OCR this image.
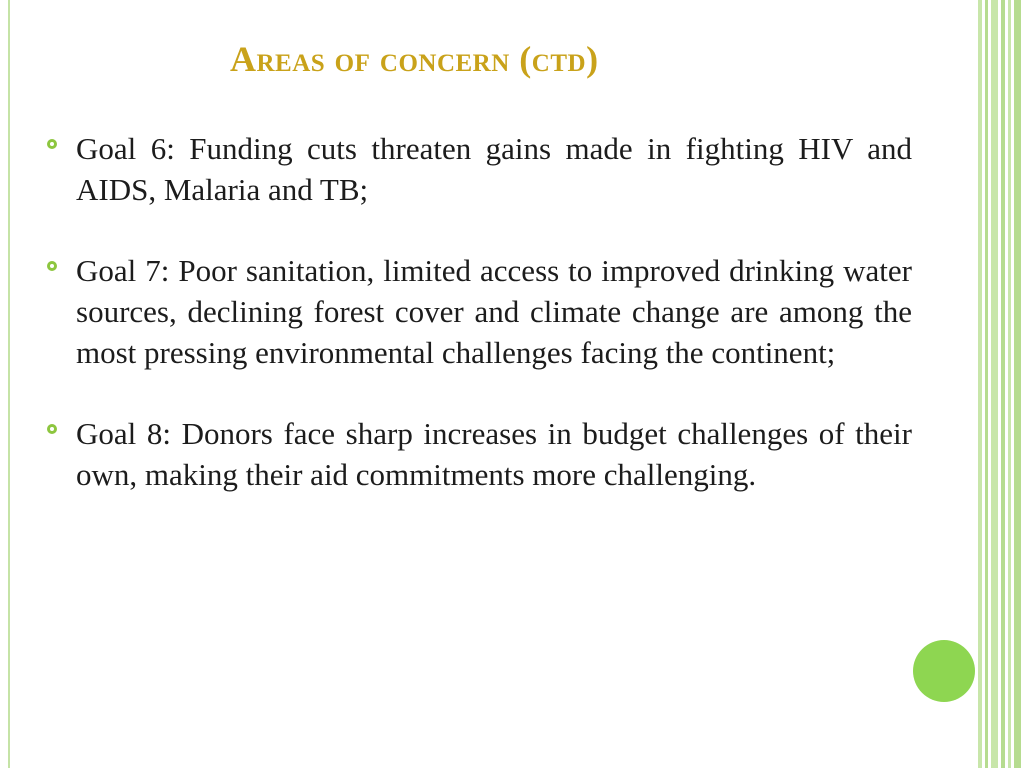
Areas of concern (ctd)
Goal 6: Funding cuts threaten gains made in fighting HIV and AIDS, Malaria and TB;
Goal 7: Poor sanitation, limited access to improved drinking water sources, declining forest cover and climate change are among the most pressing environmental challenges facing the continent;
Goal 8: Donors face sharp increases in budget challenges of their own, making their aid commitments more challenging.
